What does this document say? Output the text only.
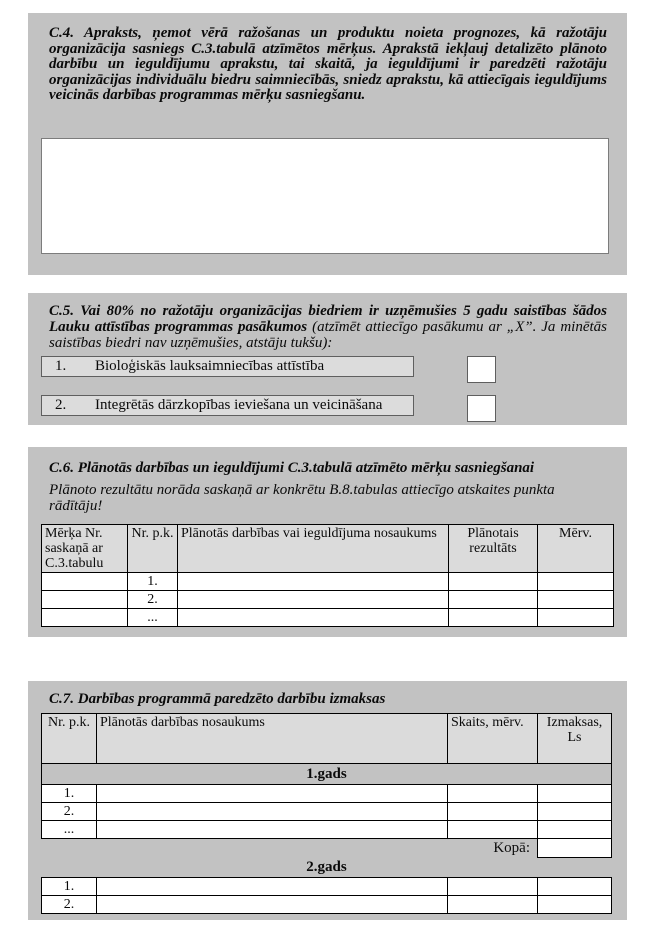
C.4. Apraksts, ņemot vērā ražošanas un produktu noieta prognozes, kā ražotāju organizācija sasniegs C.3.tabulā atzīmētos mērķus. Aprakstā iekļauj detalizēto plānoto darbību un ieguldījumu aprakstu, tai skaitā, ja ieguldījumi ir paredzēti ražotāju organizācijas individuālu biedru saimniecībās, sniedz aprakstu, kā attiecīgais ieguldījums veicinās darbības programmas mērķu sasniegšanu.

C.5. Vai 80% no ražotāju organizācijas biedriem ir uzņēmušies 5 gadu saistības šādos Lauku attīstības programmas pasākumos (atzīmēt attiecīgo pasākumu ar „X”. Ja minētās saistības biedri nav uzņēmušies, atstāju tukšu):

1. Bioloģiskās lauksaimniecības attīstība
2. Integrētās dārzkopības ieviešana un veicināšana

C.6. Plānotās darbības un ieguldījumi C.3.tabulā atzīmēto mērķu sasniegšanai

Plānoto rezultātu norāda saskaņā ar konkrētu B.8.tabulas attiecīgo atskaites punkta rādītāju!

Mērķa Nr. saskaņā ar C.3.tabulu	Nr. p.k.	Plānotās darbības vai ieguldījuma nosaukums	Plānotais rezultāts	Mērv.
	1.			
	2.			
	...			

C.7. Darbības programmā paredzēto darbību izmaksas

Nr. p.k.	Plānotās darbības nosaukums	Skaits, mērv.	Izmaksas, Ls
1.gads			
1.			
2.			
...			
Kopā:			
2.gads			
1.			
2.			
